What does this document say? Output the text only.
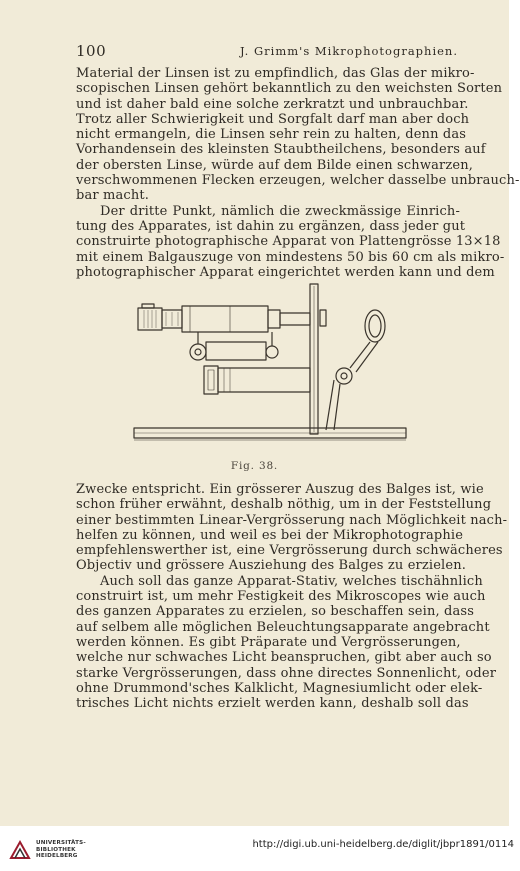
100	J. Grimm's Mikrophotographien.
Material der Linsen ist zu empfindlich, das Glas der mikro-
scopischen Linsen gehört bekanntlich zu den weichsten Sorten
und ist daher bald eine solche zerkratzt und unbrauchbar.
Trotz aller Schwierigkeit und Sorgfalt darf man aber doch
nicht ermangeln, die Linsen sehr rein zu halten, denn das
Vorhandensein des kleinsten Staubtheilchens, besonders auf
der obersten Linse, würde auf dem Bilde einen schwarzen,
verschwommenen Flecken erzeugen, welcher dasselbe unbrauch-
bar macht.
Der dritte Punkt, nämlich die zweckmässige Einrich-
tung des Apparates, ist dahin zu ergänzen, dass jeder gut
construirte photographische Apparat von Plattengrösse 13×18
mit einem Balgauszuge von mindestens 50 bis 60 cm als mikro-
photographischer Apparat eingerichtet werden kann und dem
Fig. 38.
Zwecke entspricht. Ein grösserer Auszug des Balges ist, wie
schon früher erwähnt, deshalb nöthig, um in der Feststellung
einer bestimmten Linear-Vergrösserung nach Möglichkeit nach-
helfen zu können, und weil es bei der Mikrophotographie
empfehlenswerther ist, eine Vergrösserung durch schwächeres
Objectiv und grössere Ausziehung des Balges zu erzielen.
Auch soll das ganze Apparat-Stativ, welches tischähnlich
construirt ist, um mehr Festigkeit des Mikroscopes wie auch
des ganzen Apparates zu erzielen, so beschaffen sein, dass
auf selbem alle möglichen Beleuchtungsapparate angebracht
werden können. Es gibt Präparate und Vergrösserungen,
welche nur schwaches Licht beanspruchen, gibt aber auch so
starke Vergrösserungen, dass ohne directes Sonnenlicht, oder
ohne Drummond'sches Kalklicht, Magnesiumlicht oder elek-
trisches Licht nichts erzielt werden kann, deshalb soll das
UNIVERSITÄTS-
BIBLIOTHEK
HEIDELBERG
http://digi.ub.uni-heidelberg.de/diglit/jbpr1891/0114
